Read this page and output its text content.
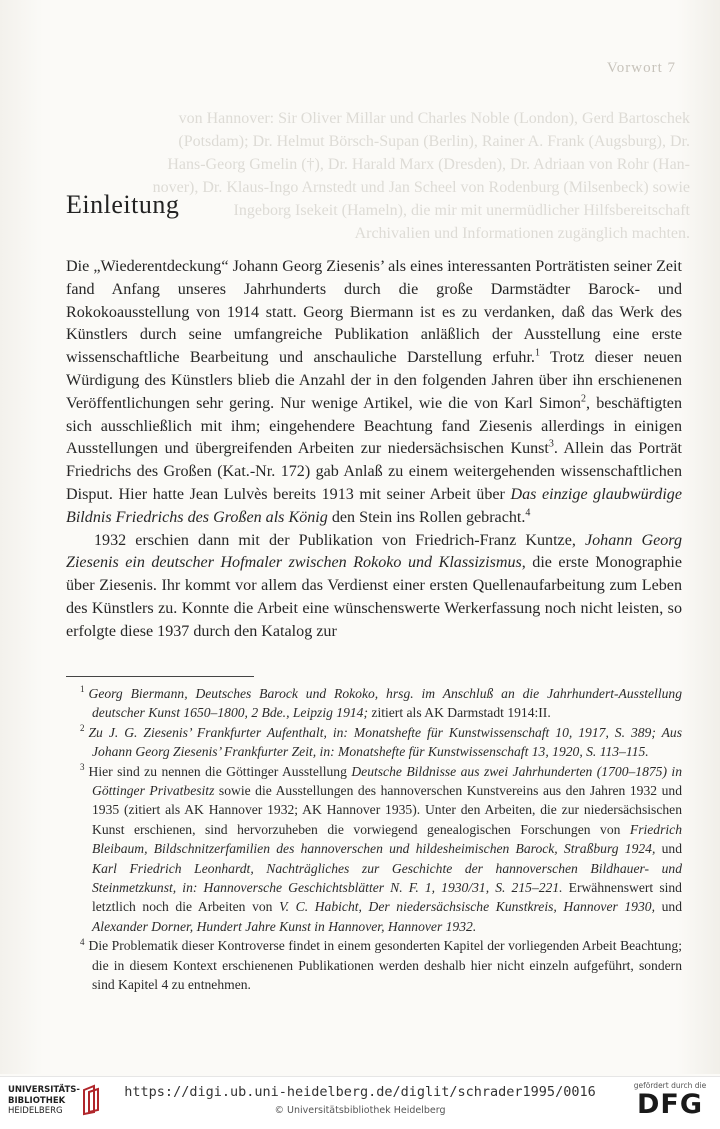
Vorwort 7
von Hannover: Sir Oliver Millar und Charles Noble (London), Gerd Bartoschek
(Potsdam); Dr. Helmut Börsch-Supan (Berlin), Rainer A. Frank (Augsburg), Dr.
Hans-Georg Gmelin (†), Dr. Harald Marx (Dresden), Dr. Adriaan von Rohr (Han-
nover), Dr. Klaus-Ingo Arnstedt und Jan Scheel von Rodenburg (Milsenbeck) sowie
Ingeborg Isekeit (Hameln), die mir mit unermüdlicher Hilfsbereitschaft
Archivalien und Informationen zugänglich machten.
Einleitung

Die „Wiederentdeckung“ Johann Georg Ziesenis’ als eines interessanten Porträtisten seiner Zeit fand Anfang unseres Jahrhunderts durch die große Darmstädter Barock- und Rokokoausstellung von 1914 statt. Georg Biermann ist es zu verdanken, daß das Werk des Künstlers durch seine umfangreiche Publikation anläßlich der Ausstellung eine erste wissenschaftliche Bearbeitung und anschauliche Darstellung erfuhr.$^1$ Trotz dieser neuen Würdigung des Künstlers blieb die Anzahl der in den folgenden Jahren über ihn erschienenen Veröffentlichungen sehr gering. Nur wenige Artikel, wie die von Karl Simon$^2$, beschäftigten sich ausschließlich mit ihm; eingehendere Beachtung fand Ziesenis allerdings in einigen Ausstellungen und übergreifenden Arbeiten zur niedersächsischen Kunst$^3$. Allein das Porträt Friedrichs des Großen (Kat.-Nr. 172) gab Anlaß zu einem weitergehenden wissenschaftlichen Disput. Hier hatte Jean Lulvès bereits 1913 mit seiner Arbeit über Das einzige glaubwürdige Bildnis Friedrichs des Großen als König den Stein ins Rollen gebracht.$^4$

1932 erschien dann mit der Publikation von Friedrich-Franz Kuntze, Johann Georg Ziesenis ein deutscher Hofmaler zwischen Rokoko und Klassizismus, die erste Monographie über Ziesenis. Ihr kommt vor allem das Verdienst einer ersten Quellenaufarbeitung zum Leben des Künstlers zu. Konnte die Arbeit eine wünschenswerte Werkerfassung noch nicht leisten, so erfolgte diese 1937 durch den Katalog zur

$^1$ Georg Biermann, Deutsches Barock und Rokoko, hrsg. im Anschluß an die Jahrhundert-Ausstellung deutscher Kunst 1650–1800, 2 Bde., Leipzig 1914; zitiert als AK Darmstadt 1914:II.

$^2$ Zu J. G. Ziesenis’ Frankfurter Aufenthalt, in: Monatshefte für Kunstwissenschaft 10, 1917, S. 389; Aus Johann Georg Ziesenis’ Frankfurter Zeit, in: Monatshefte für Kunstwissenschaft 13, 1920, S. 113–115.

$^3$ Hier sind zu nennen die Göttinger Ausstellung Deutsche Bildnisse aus zwei Jahrhunderten (1700–1875) in Göttinger Privatbesitz sowie die Ausstellungen des hannoverschen Kunstvereins aus den Jahren 1932 und 1935 (zitiert als AK Hannover 1932; AK Hannover 1935). Unter den Arbeiten, die zur niedersächsischen Kunst erschienen, sind hervorzuheben die vorwiegend genealogischen Forschungen von Friedrich Bleibaum, Bildschnitzerfamilien des hannoverschen und hildesheimischen Barock, Straßburg 1924, und Karl Friedrich Leonhardt, Nachträgliches zur Geschichte der hannoverschen Bildhauer- und Steinmetzkunst, in: Hannoversche Geschichtsblätter N. F. 1, 1930/31, S. 215–221. Erwähnenswert sind letztlich noch die Arbeiten von V. C. Habicht, Der niedersächsische Kunstkreis, Hannover 1930, und Alexander Dorner, Hundert Jahre Kunst in Hannover, Hannover 1932.

$^4$ Die Problematik dieser Kontroverse findet in einem gesonderten Kapitel der vorliegenden Arbeit Beachtung; die in diesem Kontext erschienenen Publikationen werden deshalb hier nicht einzeln aufgeführt, sondern sind Kapitel 4 zu entnehmen.

UNIVERSITÄTS-
BIBLIOTHEK
HEIDELBERG
https://digi.ub.uni-heidelberg.de/diglit/schrader1995/0016
© Universitätsbibliothek Heidelberg
gefördert durch die
DFG
